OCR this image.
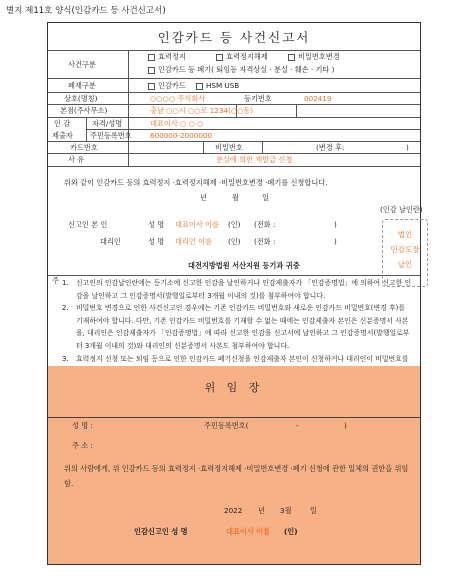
별지 제11호 양식(인감카드 등 사건신고서)
인감카드 등 사건신고서
사건구분
효력정지	효력정지해제	비밀번호변경
인감카드 등 폐기( 퇴임등 자격상실 · 분실 · 훼손 · 기타 )
폐재구분	인감카드	HSM USB
상호(명칭)	○○○○ 주식회사	등기번호	002419
본점(주사무소)	충남 ○○시 ○○로 1234(○○동)
인 감
제출자
자격/성명	대표이사 ○ ○ ○
주민등록번호	600000-2000000
카드번호	비밀번호	(변경 후:	)
사 유	분실에 의한 재발급 신청
위와 같이 인감카드 등의 효력정지 ·효력정지해제 ·비밀번호변경 ·폐기를 신청합니다.
년	월	일
(인감 날인란)
법인
인감도장
날인
신고인 본 인	성 명 대표이사 이름 (인) (전화 :	)
대리인	성 명 대리인 이름 (인) (전화 :	)
대전지방법원 서산지원 등기과 귀중
주 1. 신고인의 인감날인란에는 등기소에 신고한 인감을 날인하거나 인감제출자가 「인감증명법」에 의하여 신고한 인감을 날인하고 그 인감증명서(발행일로부터 3개월 이내의 것)를 첨부하여야 합니다.
2. 비밀번호 변경으로 인한 사건신고인 경우에는 기존 인감카드 비밀번호와 새로운 인감카드 비밀번호(변경 후)를 기재하여야 합니다. 다만, 기존 인감카드 비밀번호를 기재할 수 없는 때에는 인감제출자 본인은 신분증명서 사본을, 대리인은 인감제출자가 「인감증명법」에 따라 신고한 인감을 신고서에 날인하고 그 인감증명서(발행일로부터 3개월 이내의 것)와 대리인의 신분증명서 사본도 첨부하여야 합니다.
3. 효력정지 신청 또는 퇴임 등으로 인한 인감카드 폐기신청을 인감제출자 본인이 신청하거나 대리인이 비밀번호를
위 임 장
성 명 :	주민등록번호(	-	)
주 소 :
위의 사람에게, 위 인감카드 등의 효력정지 ·효력정지해제 ·비밀번호변경 ·폐기 신청에 관한 일체의 권한을 위임함.
2022 년 3월	일
인감신고인 성 명	대표이사 이름 (인)
